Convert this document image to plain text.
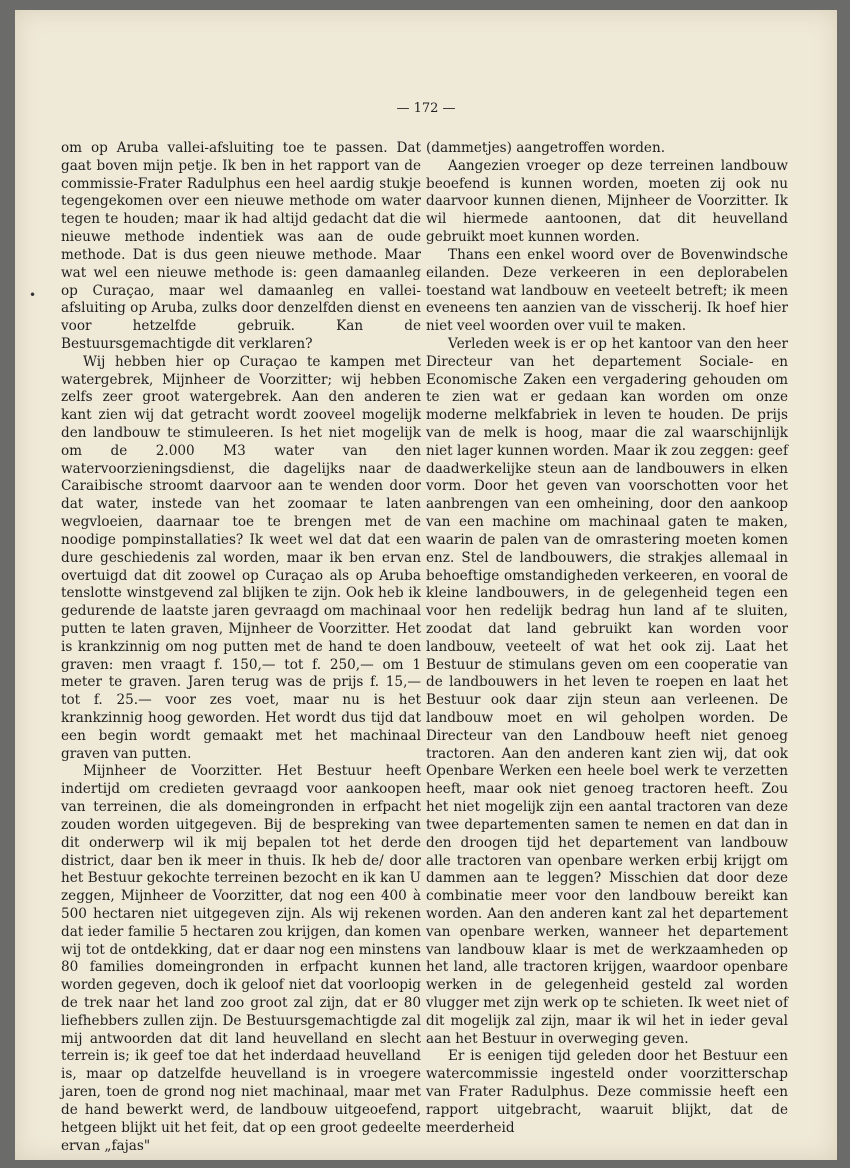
— 172 —
•

om op Aruba vallei-afsluiting toe te passen. Dat gaat boven mijn petje. Ik ben in het rapport van de commissie-Frater Radulphus een heel aardig stukje tegengekomen over een nieuwe methode om water tegen te houden; maar ik had altijd gedacht dat die nieuwe methode indentiek was aan de oude methode. Dat is dus geen nieuwe methode. Maar wat wel een nieuwe methode is: geen damaanleg op Curaçao, maar wel damaanleg en vallei-afsluiting op Aruba, zulks door denzelfden dienst en voor hetzelfde gebruik. Kan de Bestuursgemachtigde dit verklaren?

Wij hebben hier op Curaçao te kampen met watergebrek, Mijnheer de Voorzitter; wij hebben zelfs zeer groot watergebrek. Aan den anderen kant zien wij dat getracht wordt zooveel mogelijk den landbouw te stimuleeren. Is het niet mogelijk om de 2.000 M3 water van den watervoorzieningsdienst, die dagelijks naar de Caraibische stroomt daarvoor aan te wenden door dat water, instede van het zoomaar te laten wegvloeien, daarnaar toe te brengen met de noodige pompinstallaties? Ik weet wel dat dat een dure geschiedenis zal worden, maar ik ben ervan overtuigd dat dit zoowel op Curaçao als op Aruba tenslotte winstgevend zal blijken te zijn. Ook heb ik gedurende de laatste jaren gevraagd om machinaal putten te laten graven, Mijnheer de Voorzitter. Het is krankzinnig om nog putten met de hand te doen graven: men vraagt f. 150,— tot f. 250,— om 1 meter te graven. Jaren terug was de prijs f. 15,— tot f. 25.— voor zes voet, maar nu is het krankzinnig hoog geworden. Het wordt dus tijd dat een begin wordt gemaakt met het machinaal graven van putten.

Mijnheer de Voorzitter. Het Bestuur heeft indertijd om credieten gevraagd voor aankoopen van terreinen, die als domeingronden in erfpacht zouden worden uitgegeven. Bij de bespreking van dit onderwerp wil ik mij bepalen tot het derde district, daar ben ik meer in thuis. Ik heb de/ door het Bestuur gekochte terreinen bezocht en ik kan U zeggen, Mijnheer de Voorzitter, dat nog een 400 à 500 hectaren niet uitgegeven zijn. Als wij rekenen dat ieder familie 5 hectaren zou krijgen, dan komen wij tot de ontdekking, dat er daar nog een minstens 80 families domeingronden in erfpacht kunnen worden gegeven, doch ik geloof niet dat voorloopig de trek naar het land zoo groot zal zijn, dat er 80 liefhebbers zullen zijn. De Bestuursgemachtigde zal mij antwoorden dat dit land heuvelland en slecht terrein is; ik geef toe dat het inderdaad heuvelland is, maar op datzelfde heuvelland is in vroegere jaren, toen de grond nog niet machinaal, maar met de hand bewerkt werd, de landbouw uitgeoefend, hetgeen blijkt uit het feit, dat op een groot gedeelte ervan „fajas"

(dammetjes) aangetroffen worden.

Aangezien vroeger op deze terreinen landbouw beoefend is kunnen worden, moeten zij ook nu daarvoor kunnen dienen, Mijnheer de Voorzitter. Ik wil hiermede aantoonen, dat dit heuvelland gebruikt moet kunnen worden.

Thans een enkel woord over de Bovenwindsche eilanden. Deze verkeeren in een deplorabelen toestand wat landbouw en veeteelt betreft; ik meen eveneens ten aanzien van de visscherij. Ik hoef hier niet veel woorden over vuil te maken.

Verleden week is er op het kantoor van den heer Directeur van het departement Sociale- en Economische Zaken een vergadering gehouden om te zien wat er gedaan kan worden om onze moderne melkfabriek in leven te houden. De prijs van de melk is hoog, maar die zal waarschijnlijk niet lager kunnen worden. Maar ik zou zeggen: geef daadwerkelijke steun aan de landbouwers in elken vorm. Door het geven van voorschotten voor het aanbrengen van een omheining, door den aankoop van een machine om machinaal gaten te maken, waarin de palen van de omrastering moeten komen enz. Stel de landbouwers, die strakjes allemaal in behoeftige omstandigheden verkeeren, en vooral de kleine landbouwers, in de gelegenheid tegen een voor hen redelijk bedrag hun land af te sluiten, zoodat dat land gebruikt kan worden voor landbouw, veeteelt of wat het ook zij. Laat het Bestuur de stimulans geven om een cooperatie van de landbouwers in het leven te roepen en laat het Bestuur ook daar zijn steun aan verleenen. De landbouw moet en wil geholpen worden. De Directeur van den Landbouw heeft niet genoeg tractoren. Aan den anderen kant zien wij, dat ook Openbare Werken een heele boel werk te verzetten heeft, maar ook niet genoeg tractoren heeft. Zou het niet mogelijk zijn een aantal tractoren van deze twee departementen samen te nemen en dat dan in den droogen tijd het departement van landbouw alle tractoren van openbare werken erbij krijgt om dammen aan te leggen? Misschien dat door deze combinatie meer voor den landbouw bereikt kan worden. Aan den anderen kant zal het departement van openbare werken, wanneer het departement van landbouw klaar is met de werkzaamheden op het land, alle tractoren krijgen, waardoor openbare werken in de gelegenheid gesteld zal worden vlugger met zijn werk op te schieten. Ik weet niet of dit mogelijk zal zijn, maar ik wil het in ieder geval aan het Bestuur in overweging geven.

Er is eenigen tijd geleden door het Bestuur een watercommissie ingesteld onder voorzitterschap van Frater Radulphus. Deze commissie heeft een rapport uitgebracht, waaruit blijkt, dat de meerderheid
